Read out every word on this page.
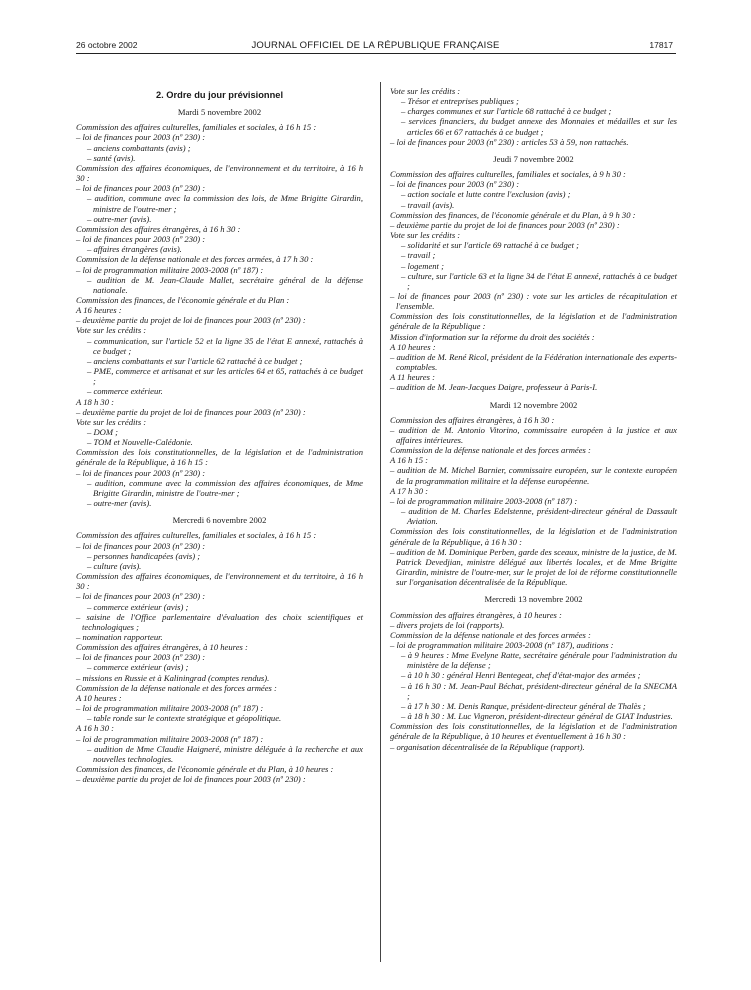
26 octobre 2002	JOURNAL OFFICIEL DE LA RÉPUBLIQUE FRANÇAISE	17817
2. Ordre du jour prévisionnel
Mardi 5 novembre 2002
Commission des affaires culturelles, familiales et sociales, à 16 h 15 :
– loi de finances pour 2003 (nº 230) :
– anciens combattants (avis) ;
– santé (avis).
Commission des affaires économiques, de l'environnement et du territoire, à 16 h 30 :
– loi de finances pour 2003 (nº 230) :
– audition, commune avec la commission des lois, de Mme Brigitte Girardin, ministre de l'outre-mer ;
– outre-mer (avis).
Commission des affaires étrangères, à 16 h 30 :
– loi de finances pour 2003 (nº 230) :
– affaires étrangères (avis).
Commission de la défense nationale et des forces armées, à 17 h 30 :
– loi de programmation militaire 2003-2008 (nº 187) :
– audition de M. Jean-Claude Mallet, secrétaire général de la défense nationale.
Commission des finances, de l'économie générale et du Plan :
A 16 heures :
– deuxième partie du projet de loi de finances pour 2003 (nº 230) :
Vote sur les crédits :
– communication, sur l'article 52 et la ligne 35 de l'état E annexé, rattachés à ce budget ;
– anciens combattants et sur l'article 62 rattaché à ce budget ;
– PME, commerce et artisanat et sur les articles 64 et 65, rattachés à ce budget ;
– commerce extérieur.
A 18 h 30 :
– deuxième partie du projet de loi de finances pour 2003 (nº 230) :
Vote sur les crédits :
– DOM ;
– TOM et Nouvelle-Calédonie.
Commission des lois constitutionnelles, de la législation et de l'administration générale de la République, à 16 h 15 :
– loi de finances pour 2003 (nº 230) :
– audition, commune avec la commission des affaires économiques, de Mme Brigitte Girardin, ministre de l'outre-mer ;
– outre-mer (avis).
Mercredi 6 novembre 2002
Commission des affaires culturelles, familiales et sociales, à 16 h 15 :
– loi de finances pour 2003 (nº 230) :
– personnes handicapées (avis) ;
– culture (avis).
Commission des affaires économiques, de l'environnement et du territoire, à 16 h 30 :
– loi de finances pour 2003 (nº 230) :
– commerce extérieur (avis) ;
– saisine de l'Office parlementaire d'évaluation des choix scientifiques et technologiques ;
– nomination rapporteur.
Commission des affaires étrangères, à 10 heures :
– loi de finances pour 2003 (nº 230) :
– commerce extérieur (avis) ;
– missions en Russie et à Kaliningrad (comptes rendus).
Commission de la défense nationale et des forces armées :
A 10 heures :
– loi de programmation militaire 2003-2008 (nº 187) :
– table ronde sur le contexte stratégique et géopolitique.
A 16 h 30 :
– loi de programmation militaire 2003-2008 (nº 187) :
– audition de Mme Claudie Haigneré, ministre déléguée à la recherche et aux nouvelles technologies.
Commission des finances, de l'économie générale et du Plan, à 10 heures :
– deuxième partie du projet de loi de finances pour 2003 (nº 230) :
Vote sur les crédits :
– Trésor et entreprises publiques ;
– charges communes et sur l'article 68 rattaché à ce budget ;
– services financiers, du budget annexe des Monnaies et médailles et sur les articles 66 et 67 rattachés à ce budget ;
– loi de finances pour 2003 (nº 230) : articles 53 à 59, non rattachés.
Jeudi 7 novembre 2002
Commission des affaires culturelles, familiales et sociales, à 9 h 30 :
– loi de finances pour 2003 (nº 230) :
– action sociale et lutte contre l'exclusion (avis) ;
– travail (avis).
Commission des finances, de l'économie générale et du Plan, à 9 h 30 :
– deuxième partie du projet de loi de finances pour 2003 (nº 230) :
Vote sur les crédits :
– solidarité et sur l'article 69 rattaché à ce budget ;
– travail ;
– logement ;
– culture, sur l'article 63 et la ligne 34 de l'état E annexé, rattachés à ce budget ;
– loi de finances pour 2003 (nº 230) : vote sur les articles de récapitulation et l'ensemble.
Commission des lois constitutionnelles, de la législation et de l'administration générale de la République :
Mission d'information sur la réforme du droit des sociétés :
A 10 heures :
– audition de M. René Ricol, président de la Fédération internationale des experts-comptables.
A 11 heures :
– audition de M. Jean-Jacques Daigre, professeur à Paris-I.
Mardi 12 novembre 2002
Commission des affaires étrangères, à 16 h 30 :
– audition de M. Antonio Vitorino, commissaire européen à la justice et aux affaires intérieures.
Commission de la défense nationale et des forces armées :
A 16 h 15 :
– audition de M. Michel Barnier, commissaire européen, sur le contexte européen de la programmation militaire et la défense européenne.
A 17 h 30 :
– loi de programmation militaire 2003-2008 (nº 187) :
– audition de M. Charles Edelstenne, président-directeur général de Dassault Aviation.
Commission des lois constitutionnelles, de la législation et de l'administration générale de la République, à 16 h 30 :
– audition de M. Dominique Perben, garde des sceaux, ministre de la justice, de M. Patrick Devedjian, ministre délégué aux libertés locales, et de Mme Brigitte Girardin, ministre de l'outre-mer, sur le projet de loi de réforme constitutionnelle sur l'organisation décentralisée de la République.
Mercredi 13 novembre 2002
Commission des affaires étrangères, à 10 heures :
– divers projets de loi (rapports).
Commission de la défense nationale et des forces armées :
– loi de programmation militaire 2003-2008 (nº 187), auditions :
– à 9 heures : Mme Evelyne Ratte, secrétaire générale pour l'administration du ministère de la défense ;
– à 10 h 30 : général Henri Bentegeat, chef d'état-major des armées ;
– à 16 h 30 : M. Jean-Paul Béchat, président-directeur général de la SNECMA ;
– à 17 h 30 : M. Denis Ranque, président-directeur général de Thalès ;
– à 18 h 30 : M. Luc Vigneron, président-directeur général de GIAT Industries.
Commission des lois constitutionnelles, de la législation et de l'administration générale de la République, à 10 heures et éventuellement à 16 h 30 :
– organisation décentralisée de la République (rapport).
